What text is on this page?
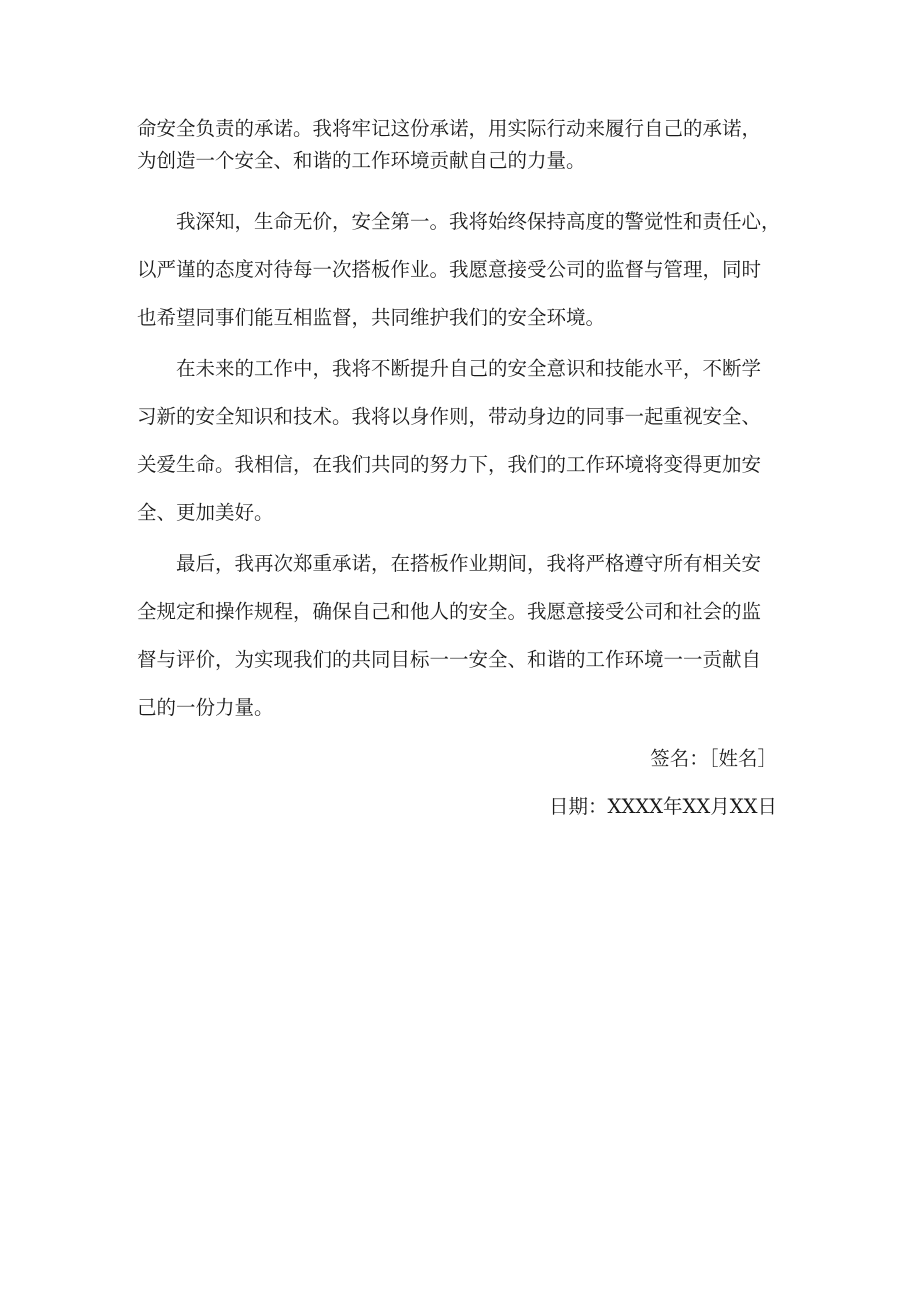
命安全负责的承诺。我将牢记这份承诺，用实际行动来履行自己的承诺，

为创造一个安全、和谐的工作环境贡献自己的力量。

　　我深知，生命无价，安全第一。我将始终保持高度的警觉性和责任心，

以严谨的态度对待每一次搭板作业。我愿意接受公司的监督与管理，同时

也希望同事们能互相监督，共同维护我们的安全环境。

　　在未来的工作中，我将不断提升自己的安全意识和技能水平，不断学

习新的安全知识和技术。我将以身作则，带动身边的同事一起重视安全、

关爱生命。我相信，在我们共同的努力下，我们的工作环境将变得更加安

全、更加美好。

　　最后，我再次郑重承诺，在搭板作业期间，我将严格遵守所有相关安

全规定和操作规程，确保自己和他人的安全。我愿意接受公司和社会的监

督与评价，为实现我们的共同目标一一安全、和谐的工作环境一一贡献自

己的一份力量。

签名：［姓名］

日期：XXXX年XX月XX日
